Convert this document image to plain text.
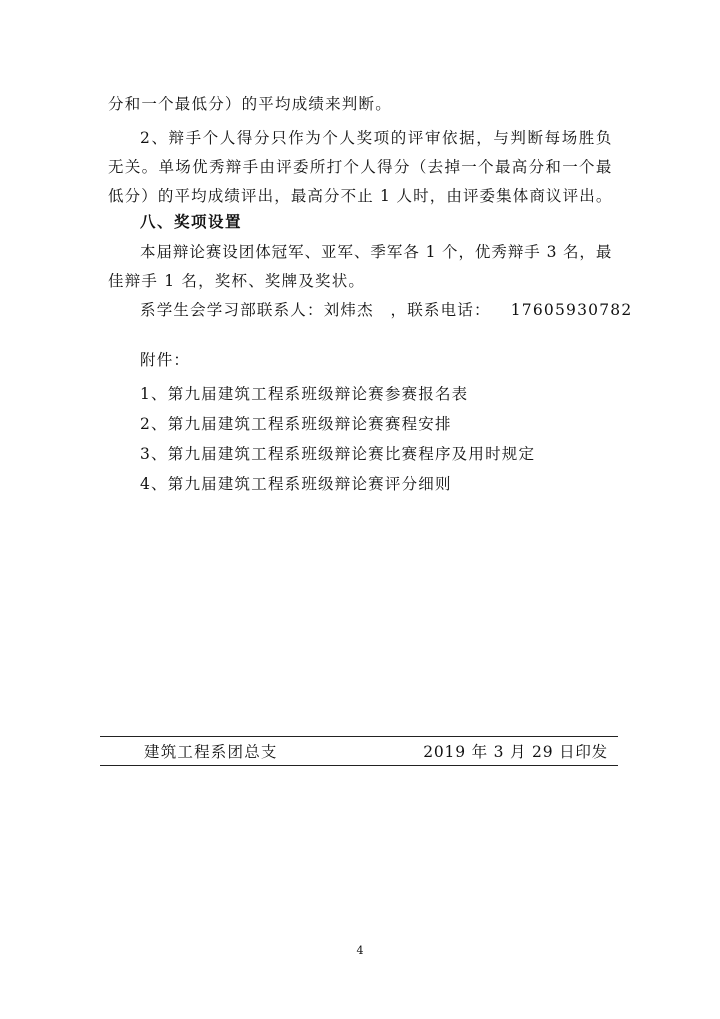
分和一个最低分）的平均成绩来判断。
2、辩手个人得分只作为个人奖项的评审依据，与判断每场胜负
无关。单场优秀辩手由评委所打个人得分（去掉一个最高分和一个最
低分）的平均成绩评出，最高分不止 1 人时，由评委集体商议评出。
八、奖项设置
本届辩论赛设团体冠军、亚军、季军各 1 个，优秀辩手 3 名，最
佳辩手 1 名，奖杯、奖牌及奖状。
系学生会学习部联系人：刘炜杰　，联系电话： 17605930782
附件：
1、第九届建筑工程系班级辩论赛参赛报名表
2、第九届建筑工程系班级辩论赛赛程安排
3、第九届建筑工程系班级辩论赛比赛程序及用时规定
4、第九届建筑工程系班级辩论赛评分细则
建筑工程系团总支	2019 年 3 月 29 日印发
4
